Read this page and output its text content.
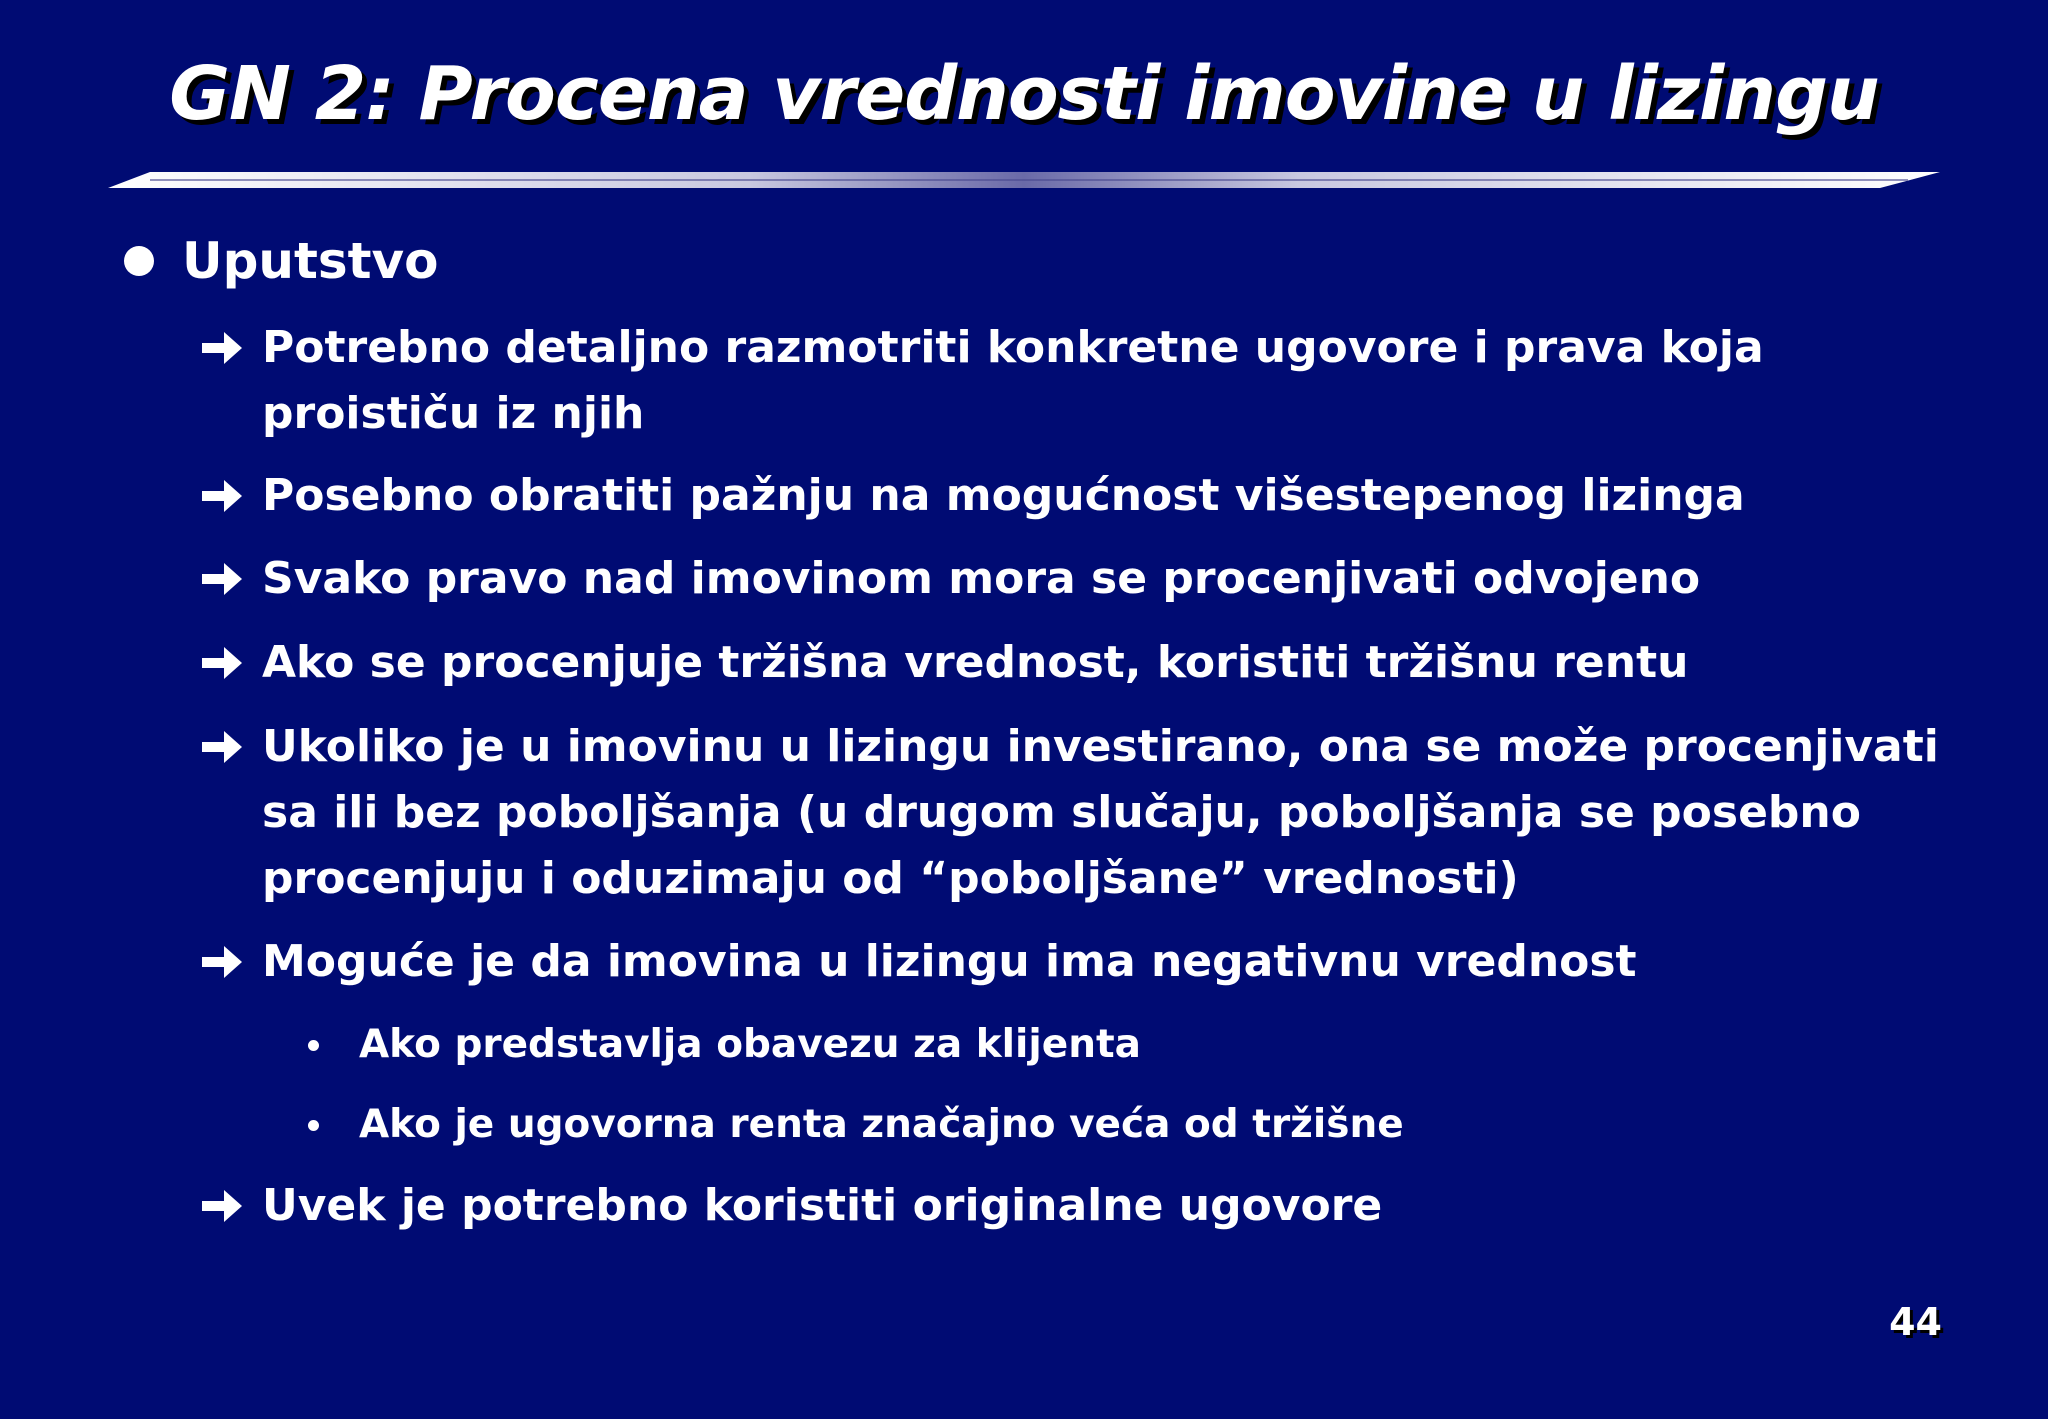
GN 2: Procena vrednosti imovine u lizingu
Uputstvo
Potrebno detaljno razmotriti konkretne ugovore i prava koja
proističu iz njih
Posebno obratiti pažnju na mogućnost višestepenog lizinga
Svako pravo nad imovinom mora se procenjivati odvojeno
Ako se procenjuje tržišna vrednost, koristiti tržišnu rentu
Ukoliko je u imovinu u lizingu investirano, ona se može procenjivati
sa ili bez poboljšanja (u drugom slučaju, poboljšanja se posebno
procenjuju i oduzimaju od “poboljšane” vrednosti)
Moguće je da imovina u lizingu ima negativnu vrednost
Ako predstavlja obavezu za klijenta
Ako je ugovorna renta značajno veća od tržišne
Uvek je potrebno koristiti originalne ugovore
44
